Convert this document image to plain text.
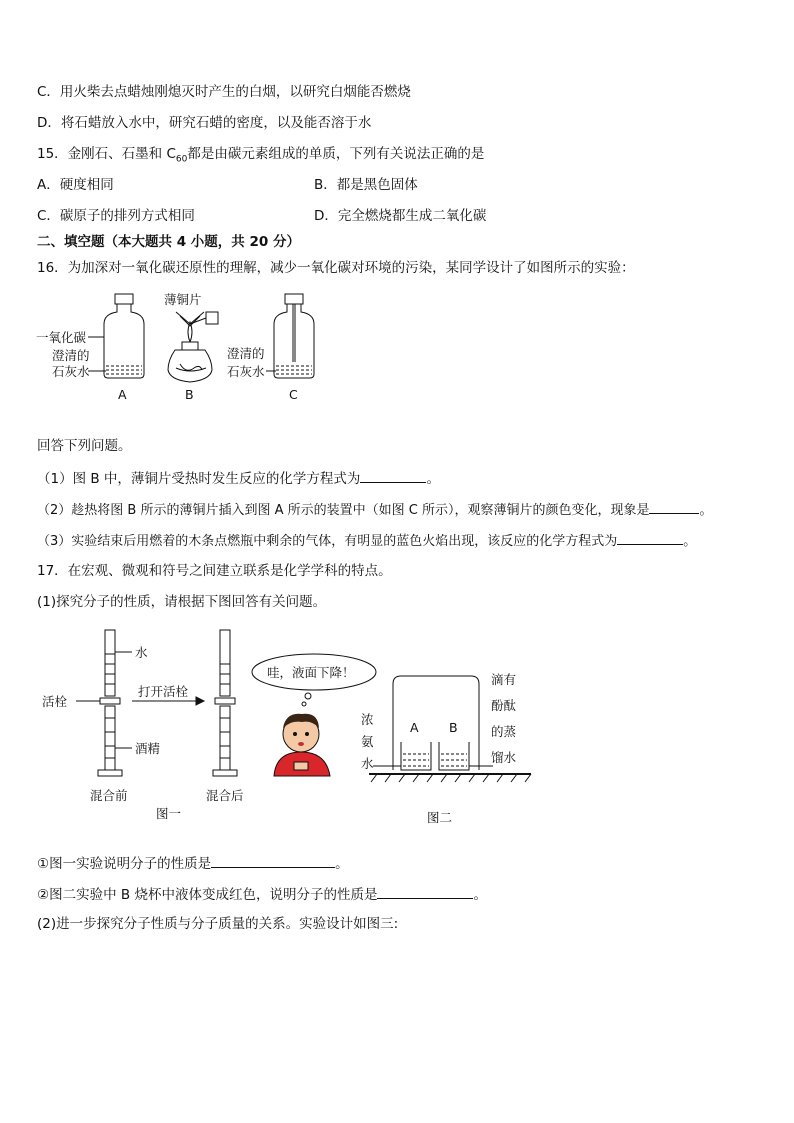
C．用火柴去点蜡烛刚熄灭时产生的白烟，以研究白烟能否燃烧
D．将石蜡放入水中，研究石蜡的密度，以及能否溶于水
15．金刚石、石墨和 $C_{60}$都是由碳元素组成的单质，下列有关说法正确的是
A．硬度相同	B．都是黑色固体
C．碳原子的排列方式相同	D．完全燃烧都生成二氧化碳
二、填空题（本大题共 4 小题，共 20 分）
16．为加深对一氧化碳还原性的理解，减少一氧化碳对环境的污染，某同学设计了如图所示的实验：
一氧化碳
澄清的
石灰水
A
薄铜片
B
澄清的
石灰水
C
回答下列问题。
（1）图 B 中，薄铜片受热时发生反应的化学方程式为	。
（2）趁热将图 B 所示的薄铜片插入到图 A 所示的装置中（如图 C 所示），观察薄铜片的颜色变化，现象是	。
（3）实验结束后用燃着的木条点燃瓶中剩余的气体，有明显的蓝色火焰出现，该反应的化学方程式为	。
17．在宏观、微观和符号之间建立联系是化学学科的特点。
(1)探究分子的性质，请根据下图回答有关问题。
水
活栓
打开活栓
酒精
混合前	混合后
图一
哇，液面下降！
浓
氨
水
A B
滴有
酚酞
的蒸
馏水
图二
①图一实验说明分子的性质是	。
②图二实验中 B 烧杯中液体变成红色，说明分子的性质是	。
(2)进一步探究分子性质与分子质量的关系。实验设计如图三:
